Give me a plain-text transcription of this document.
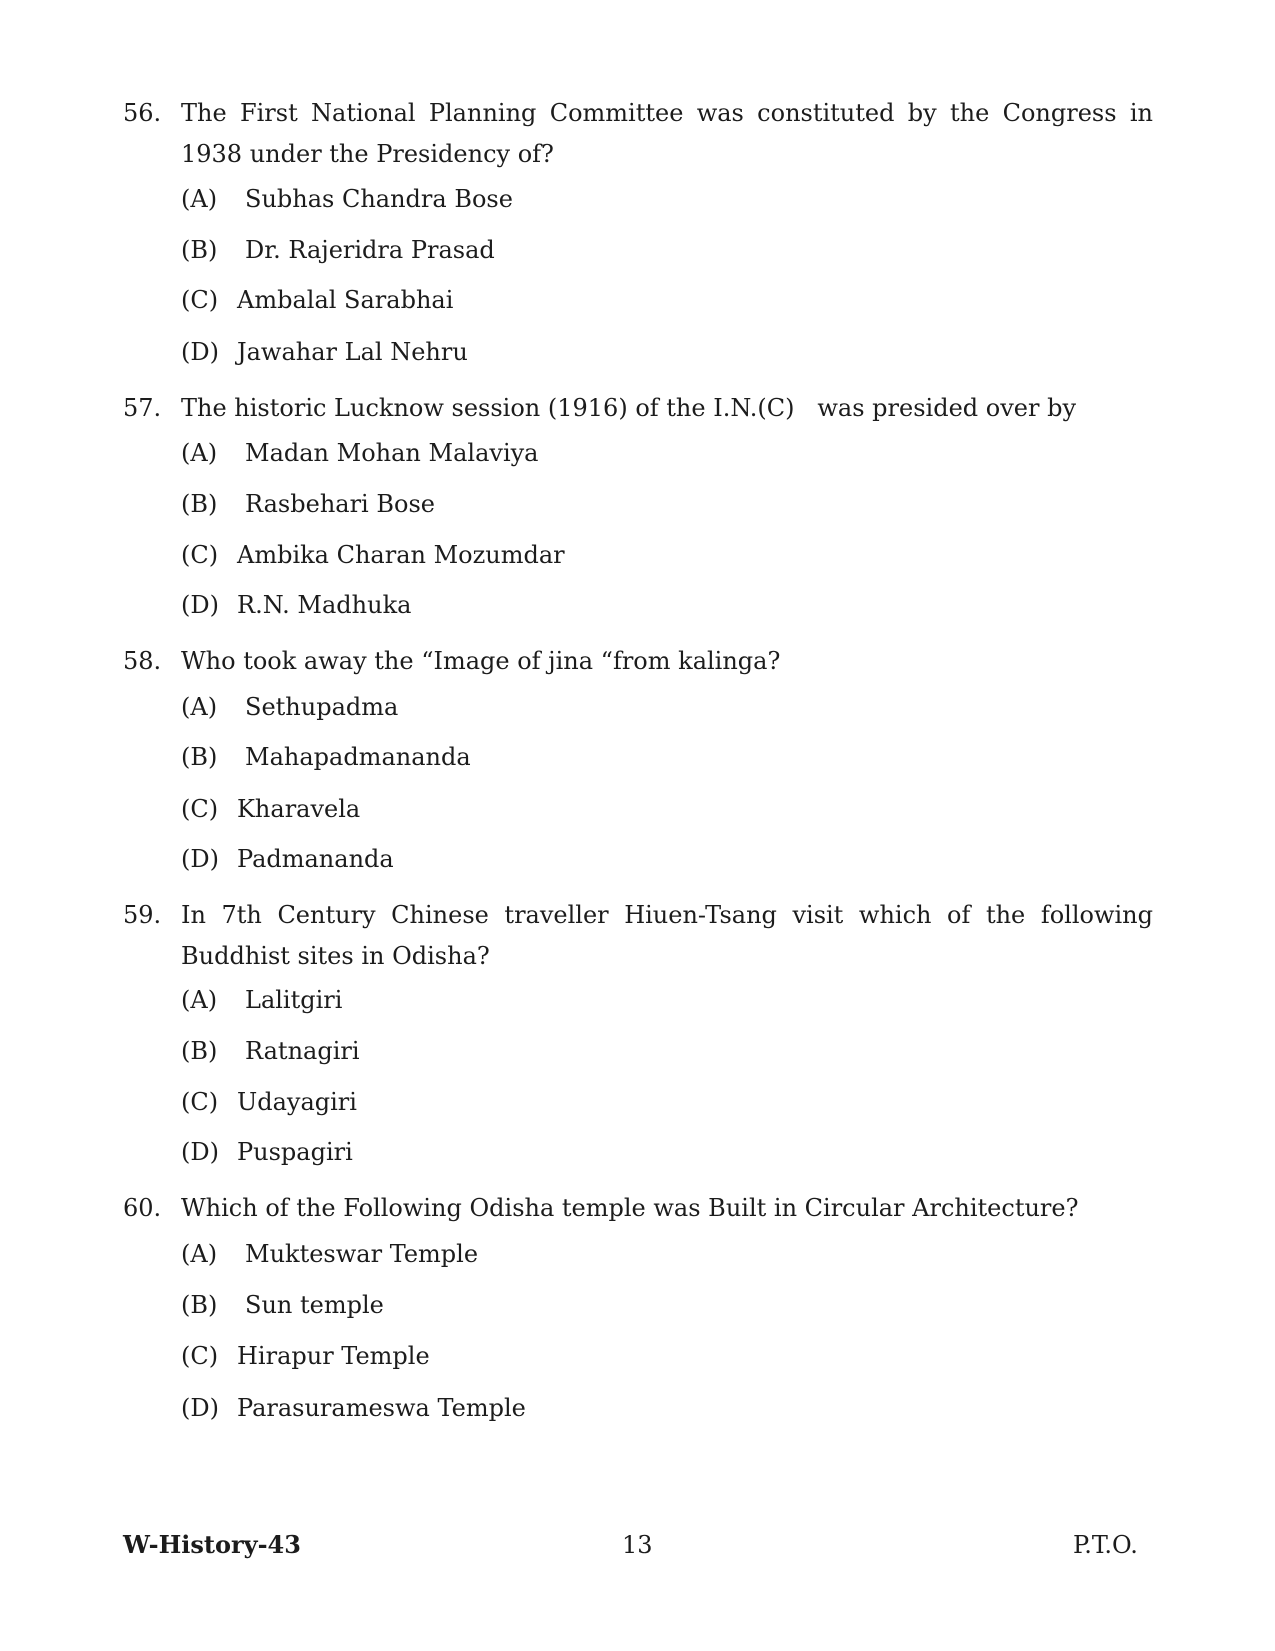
56. The First National Planning Committee was constituted by the Congress in 1938 under the Presidency of?
(A) Subhas Chandra Bose
(B) Dr. Rajeridra Prasad
(C) Ambalal Sarabhai
(D) Jawahar Lal Nehru
57. The historic Lucknow session (1916) of the I.N.(C)   was presided over by
(A) Madan Mohan Malaviya
(B) Rasbehari Bose
(C) Ambika Charan Mozumdar
(D) R.N. Madhuka
58. Who took away the “Image of jina “from kalinga?
(A) Sethupadma
(B) Mahapadmananda
(C) Kharavela
(D) Padmananda
59. In 7th Century Chinese traveller Hiuen-Tsang visit which of the following Buddhist sites in Odisha?
(A) Lalitgiri
(B) Ratnagiri
(C) Udayagiri
(D) Puspagiri
60. Which of the Following Odisha temple was Built in Circular Architecture?
(A) Mukteswar Temple
(B) Sun temple
(C) Hirapur Temple
(D) Parasurameswa Temple
W-History-43	13	P.T.O.
